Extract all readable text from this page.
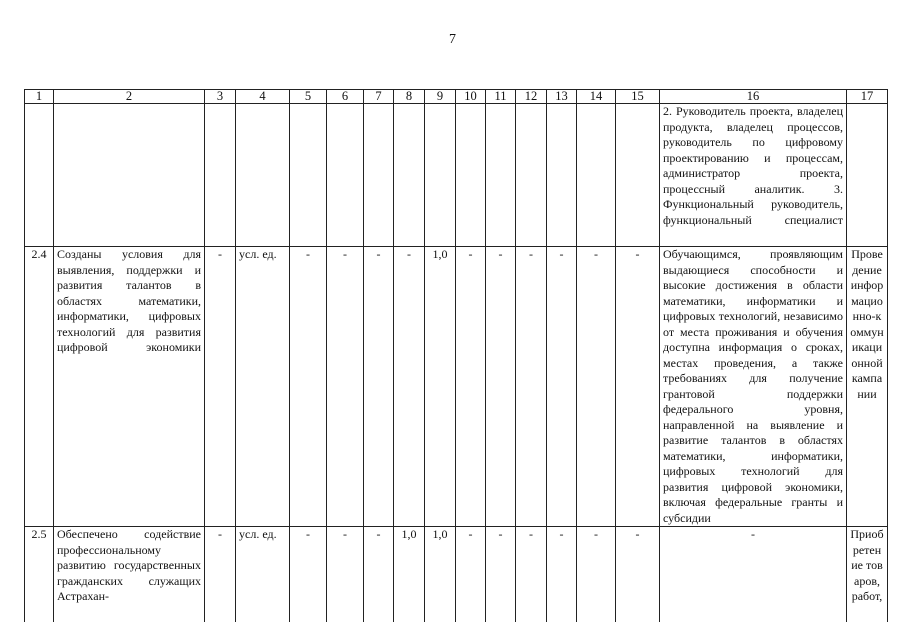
7
1	2	3	4	5	6	7	8	9	10	11	12	13	14	15	16	17
															2. Руководитель проекта, владелец продукта, владелец процессов, руководитель по цифровому проектированию и процессам, администратор проекта, процессный аналитик. 3. Функциональный руководитель, функциональный специалист	
2.4	Созданы условия для выявления, поддержки и развития талантов в областях математики, информатики, цифровых технологий для развития цифровой экономики	-	усл. ед.	-	-	-	-	1,0	-	-	-	-	-	-	Обучающимся, проявляющим выдающиеся способности и высокие достижения в области математики, информатики и цифровых технологий, независимо от места проживания и обучения доступна информация о сроках, местах проведения, а также требованиях для получение грантовой поддержки федерального уровня, направленной на выявление и развитие талантов в областях математики, информатики, цифровых технологий для развития цифровой экономики, включая федеральные гранты и субсидии	Проведение информационно-коммуникационной кампании
2.5	Обеспечено содействие профессиональному развитию государственных гражданских служащих Астрахан-	-	усл. ед.	-	-	-	1,0	1,0	-	-	-	-	-	-	-	Приобретение товаров, работ,
